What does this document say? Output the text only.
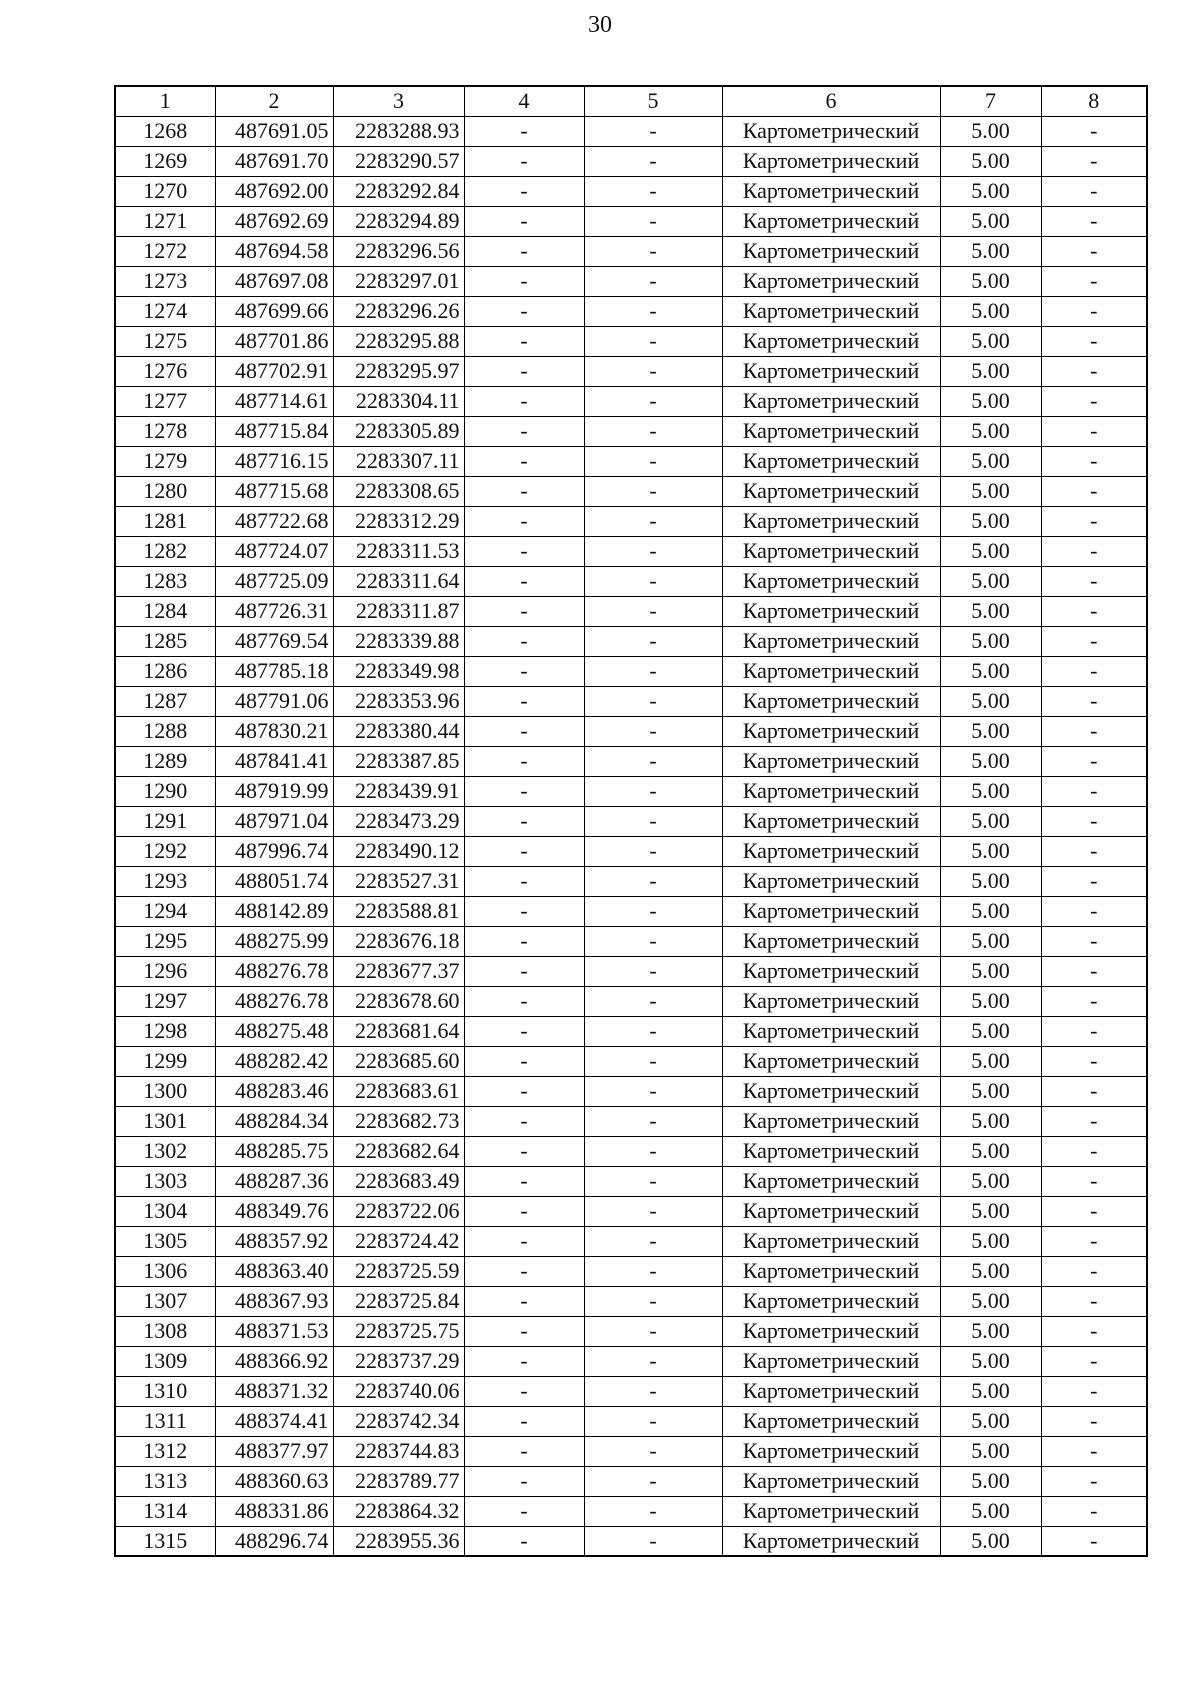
30
1	2	3	4	5	6	7	8
1268	487691.05	2283288.93	-	-	Картометрический	5.00	-
1269	487691.70	2283290.57	-	-	Картометрический	5.00	-
1270	487692.00	2283292.84	-	-	Картометрический	5.00	-
1271	487692.69	2283294.89	-	-	Картометрический	5.00	-
1272	487694.58	2283296.56	-	-	Картометрический	5.00	-
1273	487697.08	2283297.01	-	-	Картометрический	5.00	-
1274	487699.66	2283296.26	-	-	Картометрический	5.00	-
1275	487701.86	2283295.88	-	-	Картометрический	5.00	-
1276	487702.91	2283295.97	-	-	Картометрический	5.00	-
1277	487714.61	2283304.11	-	-	Картометрический	5.00	-
1278	487715.84	2283305.89	-	-	Картометрический	5.00	-
1279	487716.15	2283307.11	-	-	Картометрический	5.00	-
1280	487715.68	2283308.65	-	-	Картометрический	5.00	-
1281	487722.68	2283312.29	-	-	Картометрический	5.00	-
1282	487724.07	2283311.53	-	-	Картометрический	5.00	-
1283	487725.09	2283311.64	-	-	Картометрический	5.00	-
1284	487726.31	2283311.87	-	-	Картометрический	5.00	-
1285	487769.54	2283339.88	-	-	Картометрический	5.00	-
1286	487785.18	2283349.98	-	-	Картометрический	5.00	-
1287	487791.06	2283353.96	-	-	Картометрический	5.00	-
1288	487830.21	2283380.44	-	-	Картометрический	5.00	-
1289	487841.41	2283387.85	-	-	Картометрический	5.00	-
1290	487919.99	2283439.91	-	-	Картометрический	5.00	-
1291	487971.04	2283473.29	-	-	Картометрический	5.00	-
1292	487996.74	2283490.12	-	-	Картометрический	5.00	-
1293	488051.74	2283527.31	-	-	Картометрический	5.00	-
1294	488142.89	2283588.81	-	-	Картометрический	5.00	-
1295	488275.99	2283676.18	-	-	Картометрический	5.00	-
1296	488276.78	2283677.37	-	-	Картометрический	5.00	-
1297	488276.78	2283678.60	-	-	Картометрический	5.00	-
1298	488275.48	2283681.64	-	-	Картометрический	5.00	-
1299	488282.42	2283685.60	-	-	Картометрический	5.00	-
1300	488283.46	2283683.61	-	-	Картометрический	5.00	-
1301	488284.34	2283682.73	-	-	Картометрический	5.00	-
1302	488285.75	2283682.64	-	-	Картометрический	5.00	-
1303	488287.36	2283683.49	-	-	Картометрический	5.00	-
1304	488349.76	2283722.06	-	-	Картометрический	5.00	-
1305	488357.92	2283724.42	-	-	Картометрический	5.00	-
1306	488363.40	2283725.59	-	-	Картометрический	5.00	-
1307	488367.93	2283725.84	-	-	Картометрический	5.00	-
1308	488371.53	2283725.75	-	-	Картометрический	5.00	-
1309	488366.92	2283737.29	-	-	Картометрический	5.00	-
1310	488371.32	2283740.06	-	-	Картометрический	5.00	-
1311	488374.41	2283742.34	-	-	Картометрический	5.00	-
1312	488377.97	2283744.83	-	-	Картометрический	5.00	-
1313	488360.63	2283789.77	-	-	Картометрический	5.00	-
1314	488331.86	2283864.32	-	-	Картометрический	5.00	-
1315	488296.74	2283955.36	-	-	Картометрический	5.00	-
